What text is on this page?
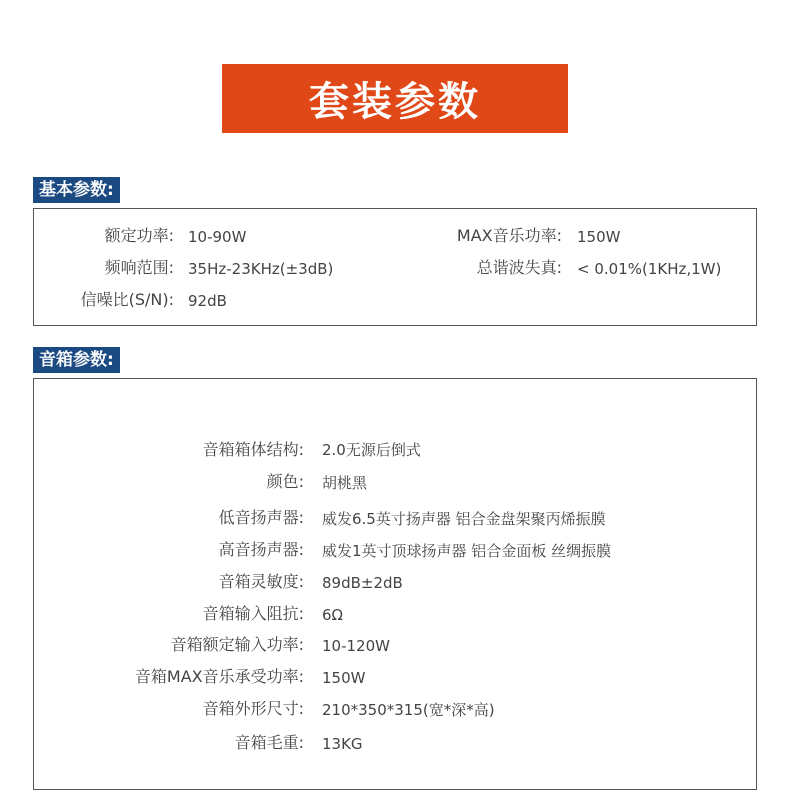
套装参数
基本参数:
额定功率: 10-90W	MAX音乐功率: 150W
频响范围: 35Hz-23KHz(±3dB)	总谐波失真: < 0.01%(1KHz,1W)
信噪比(S/N): 92dB
音箱参数:
音箱箱体结构: 2.0无源后倒式
颜色: 胡桃黑
低音扬声器: 威发6.5英寸扬声器 铝合金盘架聚丙烯振膜
高音扬声器: 威发1英寸顶球扬声器 铝合金面板 丝绸振膜
音箱灵敏度: 89dB±2dB
音箱输入阻抗: 6Ω
音箱额定输入功率: 10-120W
音箱MAX音乐承受功率: 150W
音箱外形尺寸: 210*350*315(宽*深*高)
音箱毛重: 13KG
